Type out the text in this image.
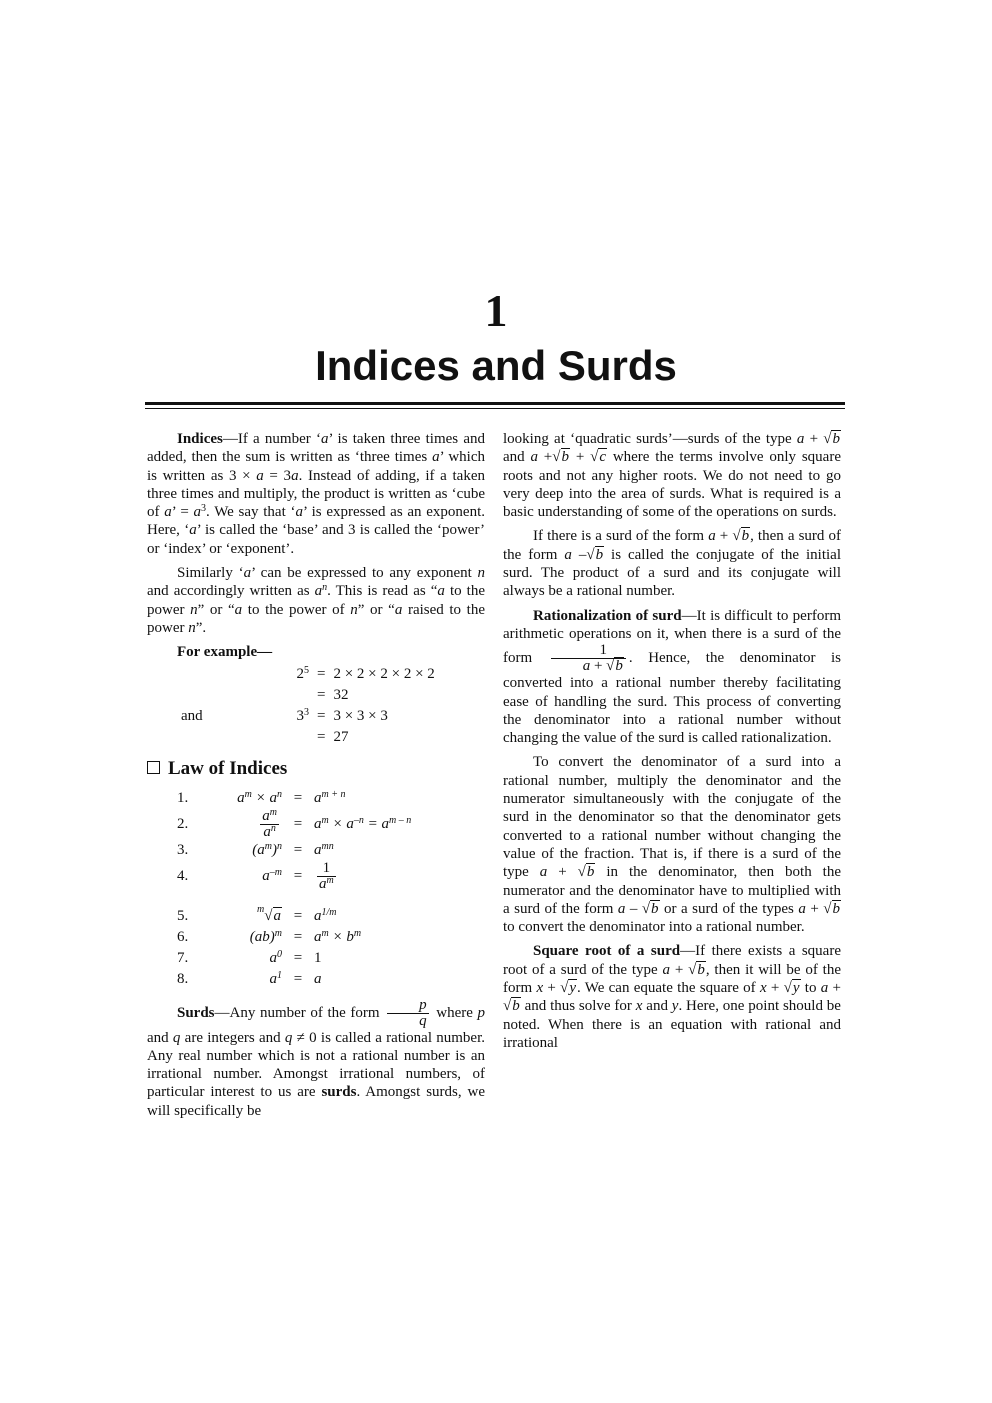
1
Indices and Surds

Indices—If a number ‘a’ is taken three times and added, then the sum is written as ‘three times a’ which is written as 3 × a = 3a. Instead of adding, if a taken three times and multiply, the product is written as ‘cube of a’ = $a^3$. We say that ‘a’ is expressed as an exponent. Here, ‘a’ is called the ‘base’ and 3 is called the ‘power’ or ‘index’ or ‘exponent’.

Similarly ‘a’ can be expressed to any exponent n and accordingly written as $a^n$. This is read as “a to the power n” or “a to the power of n” or “a raised to the power n”.

For example—

	$2^5$	=	2 × 2 × 2 × 2 × 2
		=	32
and	$3^3$	=	3 × 3 × 3
		=	27
Law of Indices
1.	$a^m \times a^n$	=	$a^{m + n}$
2.	$\frac{a^m}{a^n}$	=	$a^m \times a^{-n} = a^{m - n}$
3.	$(a^m)^n$	=	$a^{mn}$
4.	$a^{-m}$	=	$\frac{1}{a^m}$

5.	$^m$√a	=	$a^{1/m}$
6.	(ab)$^m$	=	$a^m \times b^m$
7.	$a^0$	=	1
8.	$a^1$	=	a

Surds—Any number of the form $\frac{p}{q}$ where p and q are integers and q ≠ 0 is called a rational number. Any real number which is not a rational number is an irrational number. Amongst irrational numbers, of particular interest to us are surds. Amongst surds, we will specifically be

looking at ‘quadratic surds’—surds of the type a + √b and a +√b + √c where the terms involve only square roots and not any higher roots. We do not need to go very deep into the area of surds. What is required is a basic understanding of some of the operations on surds.

If there is a surd of the form a + √b, then a surd of the form a –√b is called the conjugate of the initial surd. The product of a surd and its conjugate will always be a rational number.

Rationalization of surd—It is difficult to perform arithmetic operations on it, when there is a surd of the form $\frac{1}{a + √b}$ . Hence, the denominator is converted into a rational number thereby facilitating ease of handling the surd. This process of converting the denominator into a rational number without changing the value of the surd is called rationalization.

To convert the denominator of a surd into a rational number, multiply the denominator and the numerator simultaneously with the conjugate of the surd in the denominator so that the denominator gets converted to a rational number without changing the value of the fraction. That is, if there is a surd of the type a + √b in the denominator, then both the numerator and the denominator have to multiplied with a surd of the form a – √b or a surd of the types a + √b to convert the denominator into a rational number.

Square root of a surd—If there exists a square root of a surd of the type a + √b, then it will be of the form x + √y. We can equate the square of x + √y to a + √b and thus solve for x and y. Here, one point should be noted. When there is an equation with rational and irrational
